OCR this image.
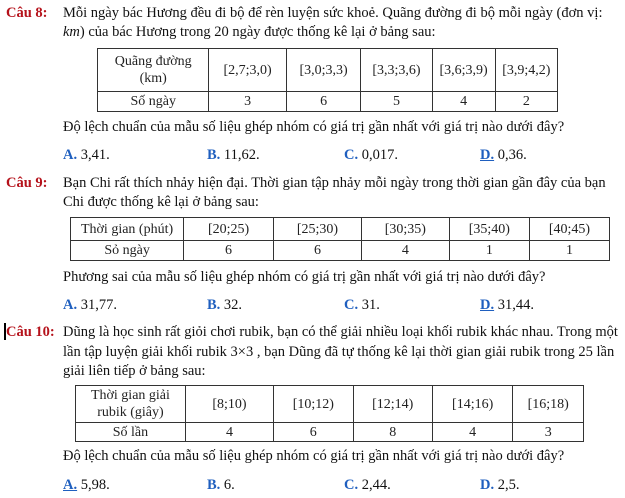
Câu 8: Mỗi ngày bác Hương đều đi bộ để rèn luyện sức khoẻ. Quãng đường đi bộ mỗi ngày (đơn vị:
km) của bác Hương trong 20 ngày được thống kê lại ở bảng sau:
Quãng đường
(km)	[2,7;3,0)	[3,0;3,3)	[3,3;3,6)	[3,6;3,9)	[3,9;4,2)
Số ngày	3	6	5	4	2
Độ lệch chuẩn của mẫu số liệu ghép nhóm có giá trị gần nhất với giá trị nào dưới đây?
A. 3,41.	B. 11,62.	C. 0,017.	D. 0,36.
Câu 9: Bạn Chi rất thích nhảy hiện đại. Thời gian tập nhảy mỗi ngày trong thời gian gần đây của bạn
Chi được thống kê lại ở bảng sau:
Thời gian (phút)	[20;25)	[25;30)	[30;35)	[35;40)	[40;45)
Sỏ ngày	6	6	4	1	1
Phương sai của mẫu số liệu ghép nhóm có giá trị gần nhất với giá trị nào dưới đây?
A. 31,77.	B. 32.	C. 31.	D. 31,44.
Câu 10: Dũng là học sinh rất giỏi chơi rubik, bạn có thể giải nhiều loại khối rubik khác nhau. Trong một
lần tập luyện giải khối rubik 3×3 , bạn Dũng đã tự thống kê lại thời gian giải rubik trong 25 lần
giải liên tiếp ở bảng sau:
Thời gian giải
rubik (giây)	[8;10)	[10;12)	[12;14)	[14;16)	[16;18)
Số lần	4	6	8	4	3
Độ lệch chuẩn của mẫu số liệu ghép nhóm có giá trị gần nhất với giá trị nào dưới đây?
A. 5,98.	B. 6.	C. 2,44.	D. 2,5.
